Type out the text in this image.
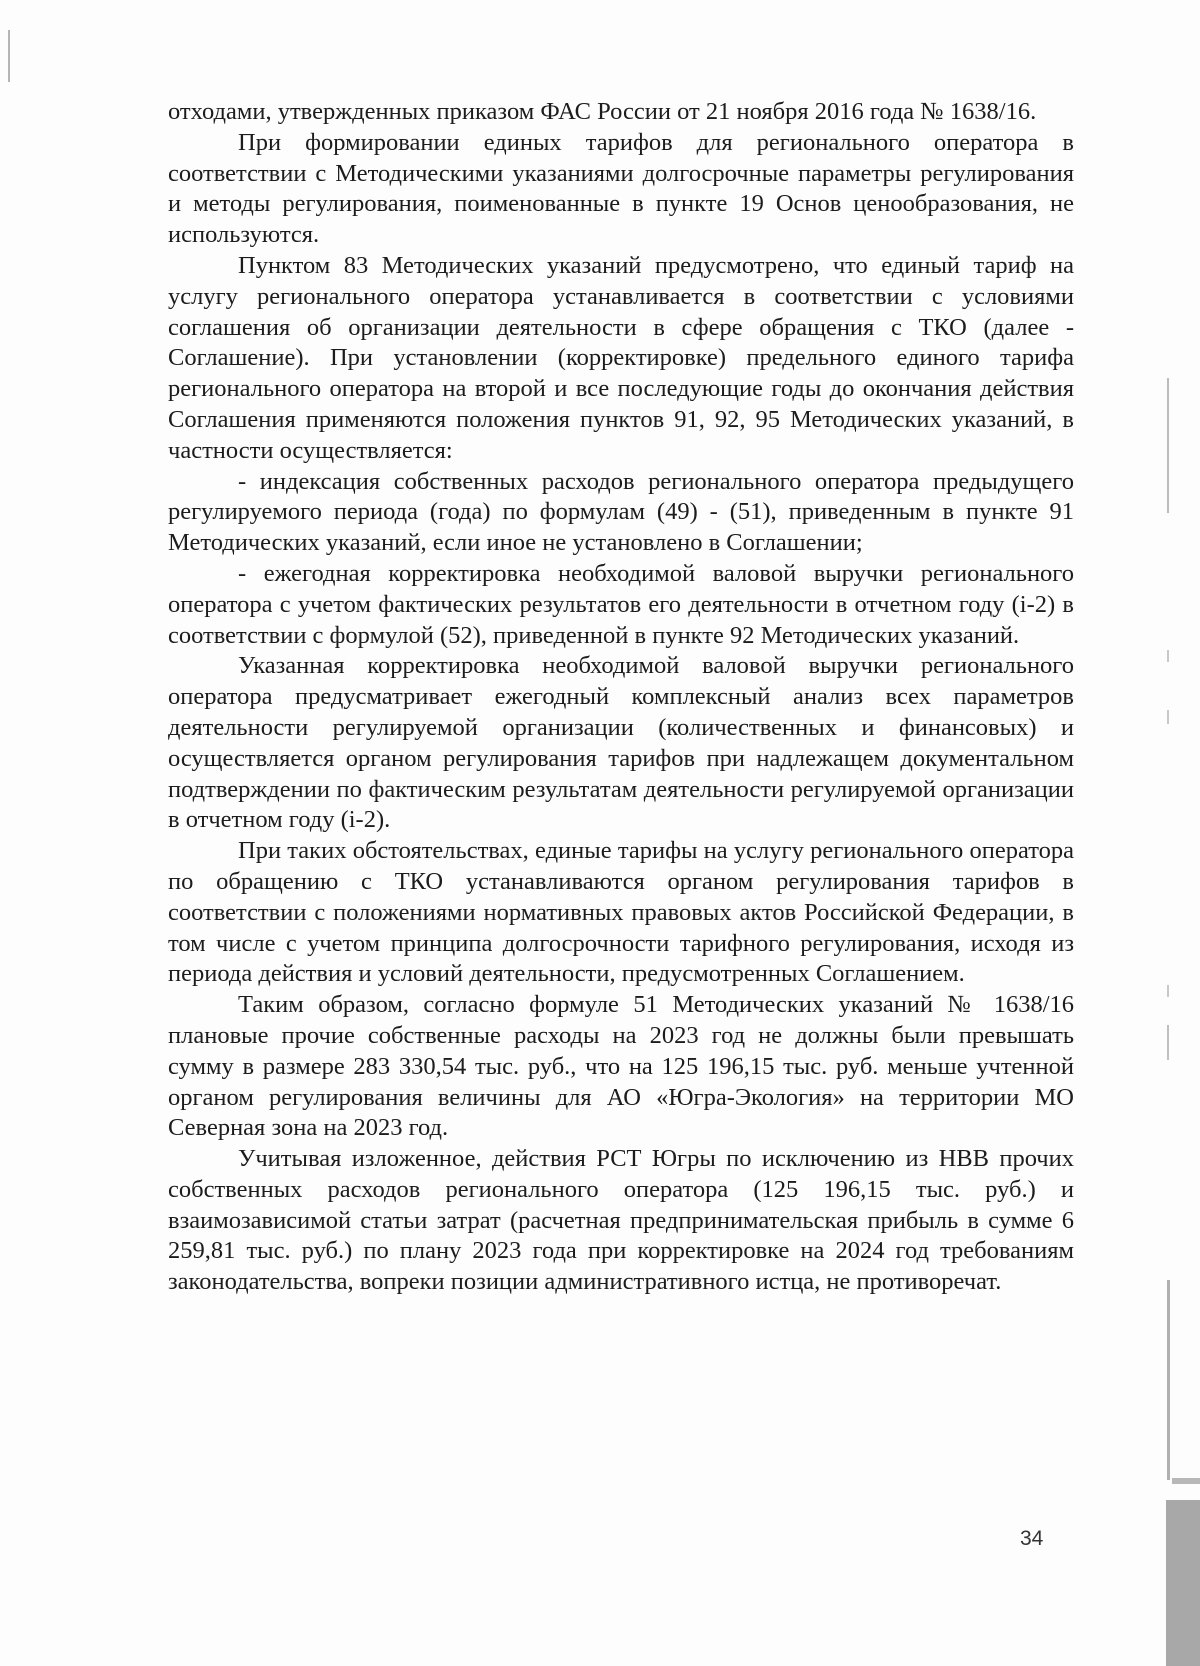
отходами, утвержденных приказом ФАС России от 21 ноября 2016 года № 1638/16.

При формировании единых тарифов для регионального оператора в соответствии с Методическими указаниями долгосрочные параметры регулирования и методы регулирования, поименованные в пункте 19 Основ ценообразования, не используются.

Пунктом 83 Методических указаний предусмотрено, что единый тариф на услугу регионального оператора устанавливается в соответствии с условиями соглашения об организации деятельности в сфере обращения с ТКО (далее - Соглашение). При установлении (корректировке) предельного единого тарифа регионального оператора на второй и все последующие годы до окончания действия Соглашения применяются положения пунктов 91, 92, 95 Методических указаний, в частности осуществляется:

- индексация собственных расходов регионального оператора предыдущего регулируемого периода (года) по формулам (49) - (51), приведенным в пункте 91 Методических указаний, если иное не установлено в Соглашении;

- ежегодная корректировка необходимой валовой выручки регионального оператора с учетом фактических результатов его деятельности в отчетном году (i-2) в соответствии с формулой (52), приведенной в пункте 92 Методических указаний.

Указанная корректировка необходимой валовой выручки регионального оператора предусматривает ежегодный комплексный анализ всех параметров деятельности регулируемой организации (количественных и финансовых) и осуществляется органом регулирования тарифов при надлежащем документальном подтверждении по фактическим результатам деятельности регулируемой организации в отчетном году (i-2).

При таких обстоятельствах, единые тарифы на услугу регионального оператора по обращению с ТКО устанавливаются органом регулирования тарифов в соответствии с положениями нормативных правовых актов Российской Федерации, в том числе с учетом принципа долгосрочности тарифного регулирования, исходя из периода действия и условий деятельности, предусмотренных Соглашением.

Таким образом, согласно формуле 51 Методических указаний № 1638/16 плановые прочие собственные расходы на 2023 год не должны были превышать сумму в размере 283 330,54 тыс. руб., что на 125 196,15 тыс. руб. меньше учтенной органом регулирования величины для АО «Югра-Экология» на территории МО Северная зона на 2023 год.

Учитывая изложенное, действия РСТ Югры по исключению из НВВ прочих собственных расходов регионального оператора (125 196,15 тыс. руб.) и взаимозависимой статьи затрат (расчетная предпринимательская прибыль в сумме 6 259,81 тыс. руб.) по плану 2023 года при корректировке на 2024 год требованиям законодательства, вопреки позиции административного истца, не противоречат.

34
